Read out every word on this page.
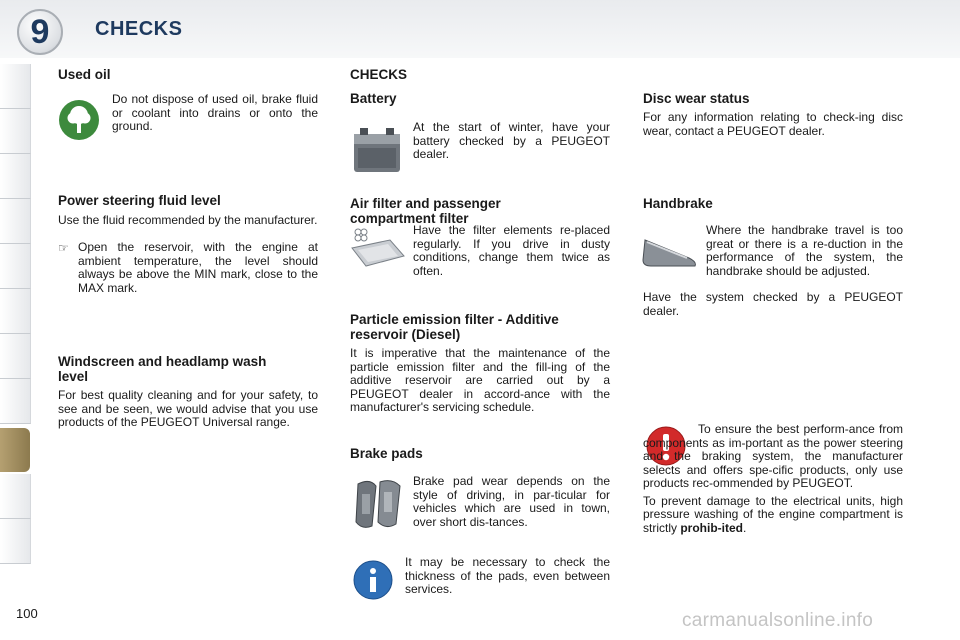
9	CHECKS
Used oil

Do not dispose of used oil, brake fluid or coolant into drains or onto the ground.

Power steering fluid level

Use the fluid recommended by the manufacturer.

☞ Open the reservoir, with the engine at ambient temperature, the level should always be above the MIN mark, close to the MAX mark.

Windscreen and headlamp wash level

For best quality cleaning and for your safety, to see and be seen, we would advise that you use products of the PEUGEOT Universal range.

CHECKS
Battery

At the start of winter, have your battery checked by a PEUGEOT dealer.

Air filter and passenger compartment filter

Have the filter elements re-placed regularly. If you drive in dusty conditions, change them twice as often.

Particle emission filter - Additive reservoir (Diesel)

It is imperative that the maintenance of the particle emission filter and the fill-ing of the additive reservoir are carried out by a PEUGEOT dealer in accord-ance with the manufacturer's servicing schedule.

Brake pads

Brake pad wear depends on the style of driving, in par-ticular for vehicles which are used in town, over short dis-tances.

It may be necessary to check the thickness of the pads, even between services.

Disc wear status

For any information relating to check-ing disc wear, contact a PEUGEOT dealer.

Handbrake

Where the handbrake travel is too great or there is a re-duction in the performance of the system, the handbrake should be adjusted.

Have the system checked by a PEUGEOT dealer.

To ensure the best perform-ance from components as im-portant as the power steering and the braking system, the manufacturer selects and offers spe-cific products, only use products rec-ommended by PEUGEOT.

To prevent damage to the electrical units, high pressure washing of the engine compartment is strictly prohib-ited.

100	carmanualsonline.info
